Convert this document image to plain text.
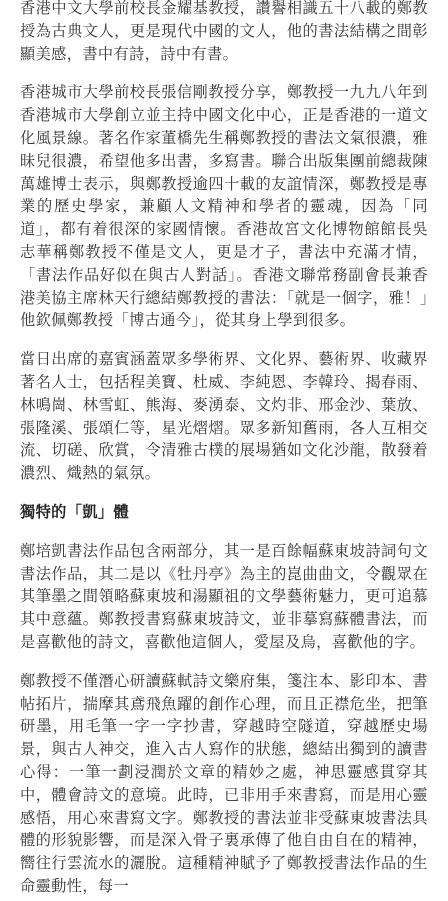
香港中文大學前校長金耀基教授，讚譽相識五十八載的鄭教授為古典文人，更是現代中國的文人，他的書法結構之間彰顯美感，書中有詩，詩中有書。

香港城市大學前校長張信剛教授分享，鄭教授一九九八年到香港城市大學創立並主持中國文化中心，正是香港的一道文化風景線。著名作家董橋先生稱鄭教授的書法文氣很濃，雅昧兒很濃，希望他多出書，多寫書。聯合出版集團前總裁陳萬雄博士表示，與鄭教授逾四十載的友誼情深，鄭教授是專業的歷史學家，兼顧人文精神和學者的靈魂，因為「同道」，都有着很深的家國情懷。香港故宮文化博物館館長吳志華稱鄭教授不僅是文人，更是才子，書法中充滿才情，「書法作品好似在與古人對話」。香港文聯常務副會長兼香港美協主席林天行總結鄭教授的書法：「就是一個字，雅！」他欽佩鄭教授「博古通今」，從其身上學到很多。

當日出席的嘉賓涵蓋眾多學術界、文化界、藝術界、收藏界著名人士，包括程美寶、杜威、李純恩、李韓玲、揭春雨、林鳴崗、林雪虹、熊海、麥湧泰、文灼非、邢金沙、葉放、張隆溪、張頌仁等，星光熠熠。眾多新知舊雨，各人互相交流、切磋、欣賞，令清雅古樸的展場猶如文化沙龍，散發着濃烈、熾熱的氣氛。

獨特的「凱」體

鄭培凱書法作品包含兩部分，其一是百餘幅蘇東坡詩詞句文書法作品，其二是以《牡丹亭》為主的崑曲曲文，令觀眾在其筆墨之間領略蘇東坡和湯顯祖的文學藝術魅力，更可追慕其中意蘊。鄭教授書寫蘇東坡詩文，並非摹寫蘇體書法，而是喜歡他的詩文，喜歡他這個人，愛屋及烏，喜歡他的字。

鄭教授不僅潛心研讀蘇軾詩文樂府集，箋注本、影印本、書帖拓片，揣摩其鳶飛魚躍的創作心理，而且正襟危坐，把筆研墨，用毛筆一字一字抄書，穿越時空隧道，穿越歷史場景，與古人神交，進入古人寫作的狀態，總結出獨到的讀書心得：一筆一劃浸潤於文章的精妙之處，神思靈感貫穿其中，體會詩文的意境。此時，已非用手來書寫，而是用心靈感悟，用心來書寫文字。鄭教授的書法並非受蘇東坡書法具體的形貌影響，而是深入骨子裏承傳了他自由自在的精神，嚮往行雲流水的灑脫。這種精神賦予了鄭教授書法作品的生命靈動性，每一
